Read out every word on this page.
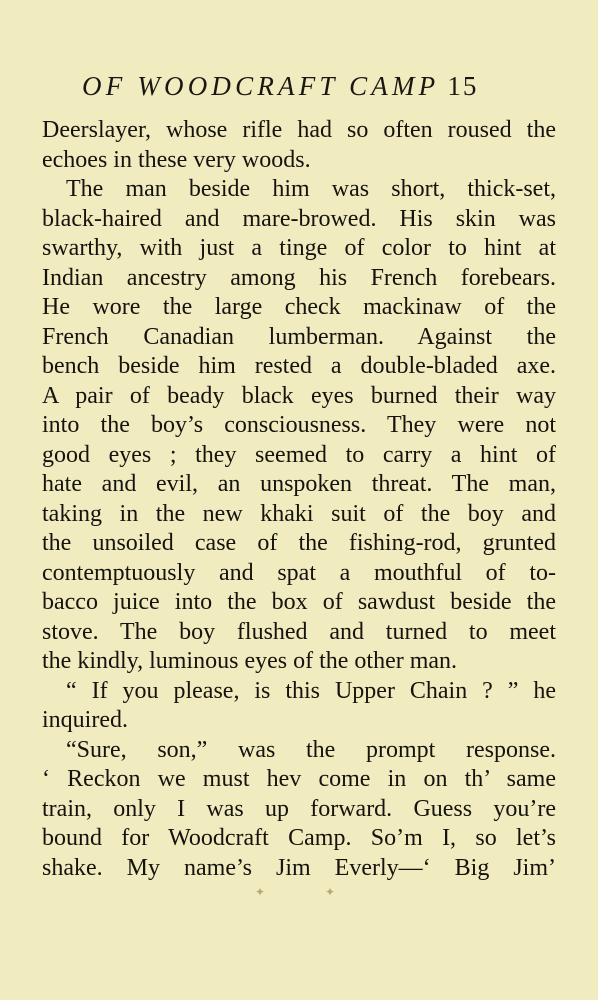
OF WOODCRAFT CAMP 15
Deerslayer, whose rifle had so often roused the
echoes in these very woods.
The man beside him was short, thick-set,
black-haired and mare-browed. His skin was
swarthy, with just a tinge of color to hint at
Indian ancestry among his French forebears.
He wore the large check mackinaw of the
French Canadian lumberman. Against the
bench beside him rested a double-bladed axe.
A pair of beady black eyes burned their way
into the boy’s consciousness. They were not
good eyes ; they seemed to carry a hint of
hate and evil, an unspoken threat. The man,
taking in the new khaki suit of the boy and
the unsoiled case of the fishing-rod, grunted
contemptuously and spat a mouthful of to-
bacco juice into the box of sawdust beside the
stove. The boy flushed and turned to meet
the kindly, luminous eyes of the other man.
“ If you please, is this Upper Chain ? ” he
inquired.
“Sure, son,” was the prompt response.
‘ Reckon we must hev come in on th’ same
train, only I was up forward. Guess you’re
bound for Woodcraft Camp. So’m I, so let’s
shake. My name’s Jim Everly—‘ Big Jim’
✦✦
